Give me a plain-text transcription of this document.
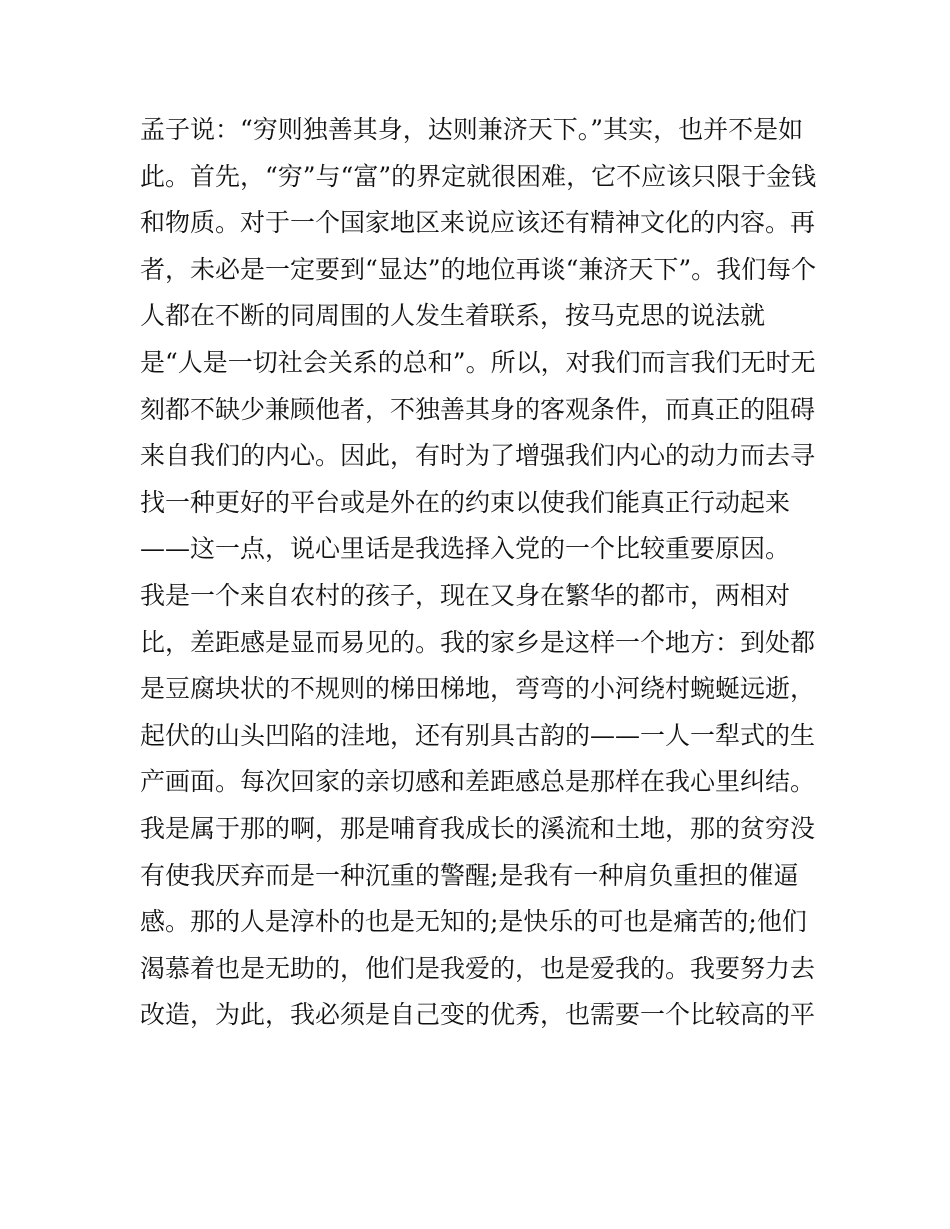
孟子说：“穷则独善其身，达则兼济天下。”其实，也并不是如
此。首先，“穷”与“富”的界定就很困难，它不应该只限于金钱
和物质。对于一个国家地区来说应该还有精神文化的内容。再
者，未必是一定要到“显达”的地位再谈“兼济天下”。我们每个
人都在不断的同周围的人发生着联系，按马克思的说法就
是“人是一切社会关系的总和”。所以，对我们而言我们无时无
刻都不缺少兼顾他者，不独善其身的客观条件，而真正的阻碍
来自我们的内心。因此，有时为了增强我们内心的动力而去寻
找一种更好的平台或是外在的约束以使我们能真正行动起来
——这一点，说心里话是我选择入党的一个比较重要原因。
我是一个来自农村的孩子，现在又身在繁华的都市，两相对
比，差距感是显而易见的。我的家乡是这样一个地方：到处都
是豆腐块状的不规则的梯田梯地，弯弯的小河绕村蜿蜒远逝，
起伏的山头凹陷的洼地，还有别具古韵的——一人一犁式的生
产画面。每次回家的亲切感和差距感总是那样在我心里纠结。
我是属于那的啊，那是哺育我成长的溪流和土地，那的贫穷没
有使我厌弃而是一种沉重的警醒;是我有一种肩负重担的催逼
感。那的人是淳朴的也是无知的;是快乐的可也是痛苦的;他们
渴慕着也是无助的，他们是我爱的，也是爱我的。我要努力去
改造，为此，我必须是自己变的优秀，也需要一个比较高的平
